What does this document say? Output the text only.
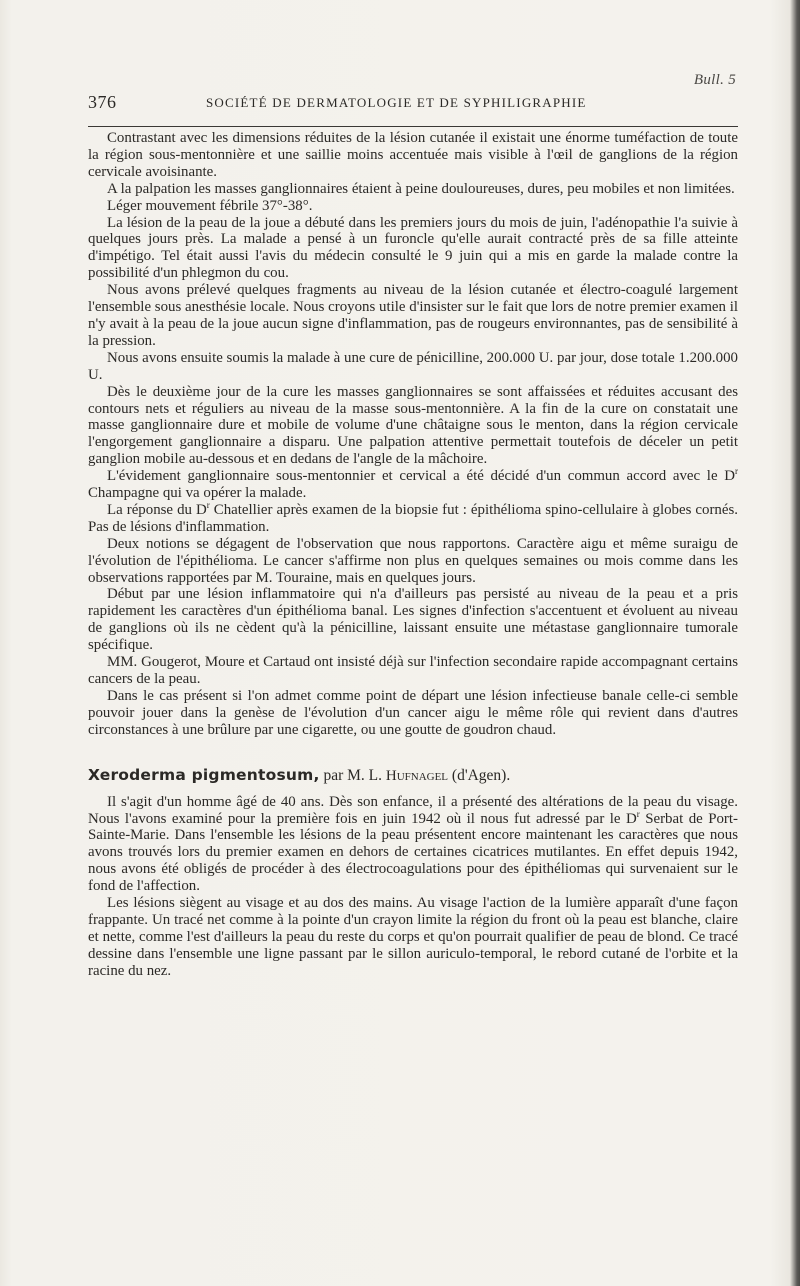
Bull. 5
376	SOCIÉTÉ DE DERMATOLOGIE ET DE SYPHILIGRAPHIE

Contrastant avec les dimensions réduites de la lésion cutanée il existait une énorme tuméfaction de toute la région sous-mentonnière et une saillie moins accentuée mais visible à l'œil de ganglions de la région cervicale avoisinante.

A la palpation les masses ganglionnaires étaient à peine douloureuses, dures, peu mobiles et non limitées.

Léger mouvement fébrile 37°-38°.

La lésion de la peau de la joue a débuté dans les premiers jours du mois de juin, l'adénopathie l'a suivie à quelques jours près. La malade a pensé à un furoncle qu'elle aurait contracté près de sa fille atteinte d'impétigo. Tel était aussi l'avis du médecin consulté le 9 juin qui a mis en garde la malade contre la possibilité d'un phlegmon du cou.

Nous avons prélevé quelques fragments au niveau de la lésion cutanée et électro-coagulé largement l'ensemble sous anesthésie locale. Nous croyons utile d'insister sur le fait que lors de notre premier examen il n'y avait à la peau de la joue aucun signe d'inflammation, pas de rougeurs environnantes, pas de sensibilité à la pression.

Nous avons ensuite soumis la malade à une cure de pénicilline, 200.000 U. par jour, dose totale 1.200.000 U.

Dès le deuxième jour de la cure les masses ganglionnaires se sont affaissées et réduites accusant des contours nets et réguliers au niveau de la masse sous-mentonnière. A la fin de la cure on constatait une masse ganglionnaire dure et mobile de volume d'une châtaigne sous le menton, dans la région cervicale l'engorgement ganglionnaire a disparu. Une palpation attentive permettait toutefois de déceler un petit ganglion mobile au-dessous et en dedans de l'angle de la mâchoire.

L'évidement ganglionnaire sous-mentonnier et cervical a été décidé d'un commun accord avec le $D^r$ Champagne qui va opérer la malade.

La réponse du $D^r$ Chatellier après examen de la biopsie fut : épithélioma spino-cellulaire à globes cornés. Pas de lésions d'inflammation.

Deux notions se dégagent de l'observation que nous rapportons. Caractère aigu et même suraigu de l'évolution de l'épithélioma. Le cancer s'affirme non plus en quelques semaines ou mois comme dans les observations rapportées par M. Touraine, mais en quelques jours.

Début par une lésion inflammatoire qui n'a d'ailleurs pas persisté au niveau de la peau et a pris rapidement les caractères d'un épithélioma banal. Les signes d'infection s'accentuent et évoluent au niveau de ganglions où ils ne cèdent qu'à la pénicilline, laissant ensuite une métastase ganglionnaire tumorale spécifique.

MM. Gougerot, Moure et Cartaud ont insisté déjà sur l'infection secondaire rapide accompagnant certains cancers de la peau.

Dans le cas présent si l'on admet comme point de départ une lésion infectieuse banale celle-ci semble pouvoir jouer dans la genèse de l'évolution d'un cancer aigu le même rôle qui revient dans d'autres circonstances à une brûlure par une cigarette, ou une goutte de goudron chaud.

Xeroderma pigmentosum, par M. L. Hufnagel (d'Agen).

Il s'agit d'un homme âgé de 40 ans. Dès son enfance, il a présenté des altérations de la peau du visage. Nous l'avons examiné pour la première fois en juin 1942 où il nous fut adressé par le $D^r$ Serbat de Port-Sainte-Marie. Dans l'ensemble les lésions de la peau présentent encore maintenant les caractères que nous avons trouvés lors du premier examen en dehors de certaines cicatrices mutilantes. En effet depuis 1942, nous avons été obligés de procéder à des électrocoagulations pour des épithéliomas qui survenaient sur le fond de l'affection.

Les lésions siègent au visage et au dos des mains. Au visage l'action de la lumière apparaît d'une façon frappante. Un tracé net comme à la pointe d'un crayon limite la région du front où la peau est blanche, claire et nette, comme l'est d'ailleurs la peau du reste du corps et qu'on pourrait qualifier de peau de blond. Ce tracé dessine dans l'ensemble une ligne passant par le sillon auriculo-temporal, le rebord cutané de l'orbite et la racine du nez.
